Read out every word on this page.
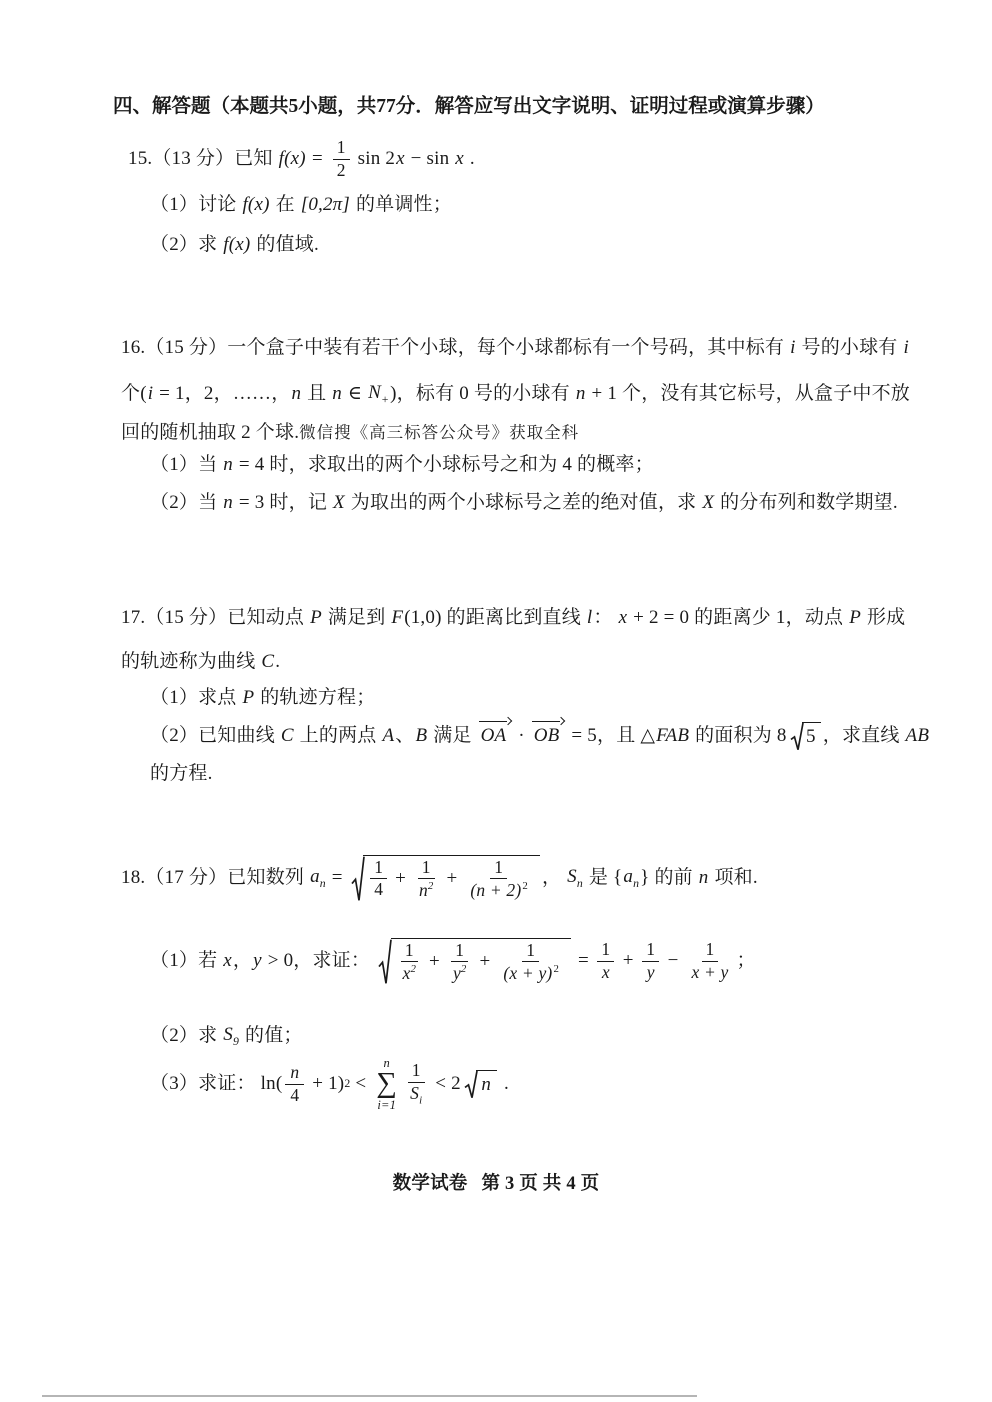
四、解答题（本题共5小题，共77分．解答应写出文字说明、证明过程或演算步骤）
15.（13 分）已知 $f(x) = \frac{1}{2}$ sin 2 x − sin x .
（1）讨论 f(x) 在 [0,2π] 的单调性；
（2）求 f(x) 的值域.
16.（15 分）一个盒子中装有若干个小球，每个小球都标有一个号码，其中标有 i 号的小球有 i
个( i = 1，2，……， n 且 n ∈ $N_+$ )，标有 0 号的小球有 n + 1 个，没有其它标号，从盒子中不放
回的随机抽取 2 个球. 微信搜《高三标答公众号》获取全科
（1）当 n = 4 时，求取出的两个小球标号之和为 4 的概率；
（2）当 n = 3 时，记 X 为取出的两个小球标号之差的绝对值，求 X 的分布列和数学期望.
17.（15 分）已知动点 P 满足到 F (1,0) 的距离比到直线 l ： x + 2 = 0 的距离少 1，动点 P 形成
的轨迹称为曲线 C .
（1）求点 P 的轨迹方程；
（2）已知曲线 C 上的两点 A 、 B 满足 OA · OB = 5，且 △ FAB 的面积为 8 5 ，求直线 AB
的方程.
18.（17 分）已知数列 $a_n = \frac{1}{4} + \frac{1}{n^2} + \frac{1}{(n + 2)^2}$ ， $S_n$ 是 { $a_n$ } 的前 n 项和.
（1）若 x ， y > 0，求证： $\frac{1}{x^2} + \frac{1}{y^2} + \frac{1}{(x + y)^2} = \frac{1}{x} + \frac{1}{y} - \frac{1}{x + y}$ ；
（2）求 $S_9$ 的值；
（3）求证： $\ln( \frac{n}{4} + 1)$ 2 <
n
∑
$i=1 \frac{1}{S_i} < 2$ n .
数学试卷 第 3 页 共 4 页
